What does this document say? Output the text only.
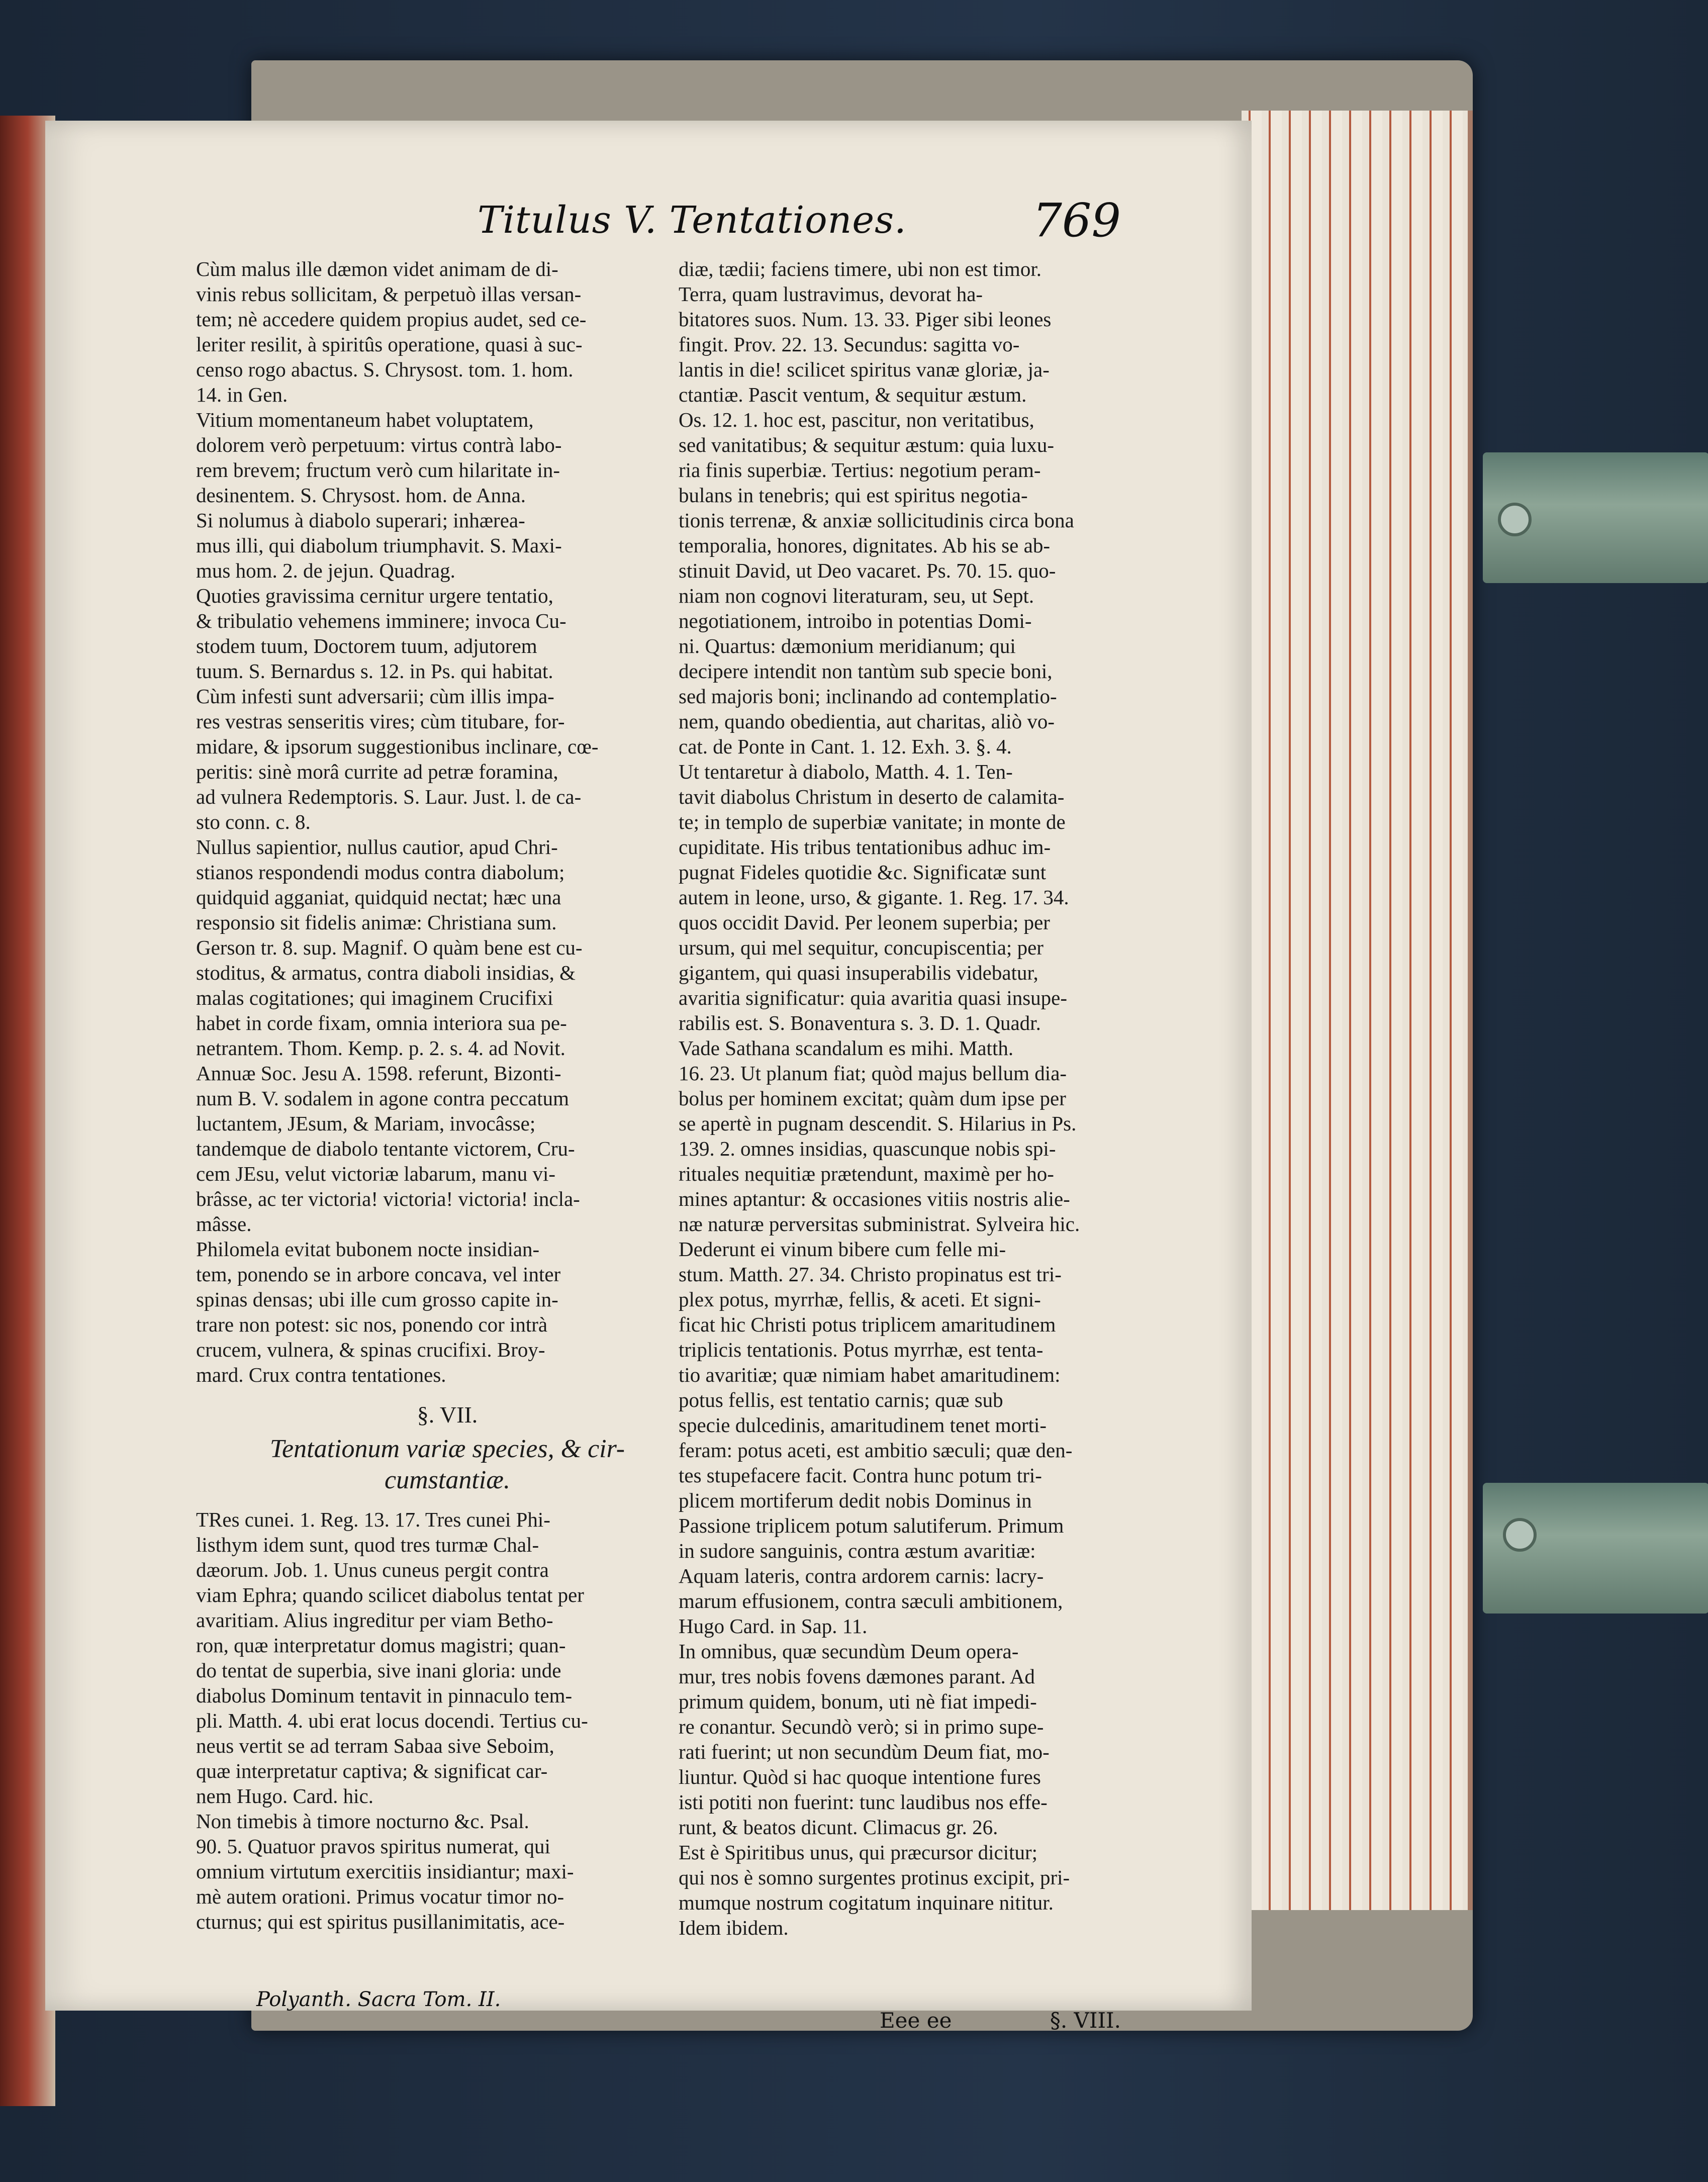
Titulus V. Tentationes.	769

Cùm malus ille dæmon videt animam de di-

vinis rebus sollicitam, & perpetuò illas versan-

tem; nè accedere quidem propius audet, sed ce-

leriter resilit, à spiritûs operatione, quasi à suc-

censo rogo abactus. S. Chrysost. tom. 1. hom.

14. in Gen.

Vitium momentaneum habet voluptatem,

dolorem verò perpetuum: virtus contrà labo-

rem brevem; fructum verò cum hilaritate in-

desinentem. S. Chrysost. hom. de Anna.

Si nolumus à diabolo superari; inhærea-

mus illi, qui diabolum triumphavit. S. Maxi-

mus hom. 2. de jejun. Quadrag.

Quoties gravissima cernitur urgere tentatio,

& tribulatio vehemens imminere; invoca Cu-

stodem tuum, Doctorem tuum, adjutorem

tuum. S. Bernardus s. 12. in Ps. qui habitat.

Cùm infesti sunt adversarii; cùm illis impa-

res vestras senseritis vires; cùm titubare, for-

midare, & ipsorum suggestionibus inclinare, cœ-

peritis: sinè morâ currite ad petræ foramina,

ad vulnera Redemptoris. S. Laur. Just. l. de ca-

sto conn. c. 8.

Nullus sapientior, nullus cautior, apud Chri-

stianos respondendi modus contra diabolum;

quidquid agganiat, quidquid nectat; hæc una

responsio sit fidelis animæ: Christiana sum.

Gerson tr. 8. sup. Magnif. O quàm bene est cu-

stoditus, & armatus, contra diaboli insidias, &

malas cogitationes; qui imaginem Crucifixi

habet in corde fixam, omnia interiora sua pe-

netrantem. Thom. Kemp. p. 2. s. 4. ad Novit.

Annuæ Soc. Jesu A. 1598. referunt, Bizonti-

num B. V. sodalem in agone contra peccatum

luctantem, JEsum, & Mariam, invocâsse;

tandemque de diabolo tentante victorem, Cru-

cem JEsu, velut victoriæ labarum, manu vi-

brâsse, ac ter victoria! victoria! victoria! incla-

mâsse.

Philomela evitat bubonem nocte insidian-

tem, ponendo se in arbore concava, vel inter

spinas densas; ubi ille cum grosso capite in-

trare non potest: sic nos, ponendo cor intrà

crucem, vulnera, & spinas crucifixi. Broy-

mard. Crux contra tentationes.

§. VII.
Tentationum variæ species, & cir-
cumstantiæ.

TRes cunei. 1. Reg. 13. 17. Tres cunei Phi-

listhym idem sunt, quod tres turmæ Chal-

dæorum. Job. 1. Unus cuneus pergit contra

viam Ephra; quando scilicet diabolus tentat per

avaritiam. Alius ingreditur per viam Betho-

ron, quæ interpretatur domus magistri; quan-

do tentat de superbia, sive inani gloria: unde

diabolus Dominum tentavit in pinnaculo tem-

pli. Matth. 4. ubi erat locus docendi. Tertius cu-

neus vertit se ad terram Sabaa sive Seboim,

quæ interpretatur captiva; & significat car-

nem Hugo. Card. hic.

Non timebis à timore nocturno &c. Psal.

90. 5. Quatuor pravos spiritus numerat, qui

omnium virtutum exercitiis insidiantur; maxi-

mè autem orationi. Primus vocatur timor no-

cturnus; qui est spiritus pusillanimitatis, ace-

diæ, tædii; faciens timere, ubi non est timor.

Terra, quam lustravimus, devorat ha-

bitatores suos. Num. 13. 33. Piger sibi leones

fingit. Prov. 22. 13. Secundus: sagitta vo-

lantis in die! scilicet spiritus vanæ gloriæ, ja-

ctantiæ. Pascit ventum, & sequitur æstum.

Os. 12. 1. hoc est, pascitur, non veritatibus,

sed vanitatibus; & sequitur æstum: quia luxu-

ria finis superbiæ. Tertius: negotium peram-

bulans in tenebris; qui est spiritus negotia-

tionis terrenæ, & anxiæ sollicitudinis circa bona

temporalia, honores, dignitates. Ab his se ab-

stinuit David, ut Deo vacaret. Ps. 70. 15. quo-

niam non cognovi literaturam, seu, ut Sept.

negotiationem, introibo in potentias Domi-

ni. Quartus: dæmonium meridianum; qui

decipere intendit non tantùm sub specie boni,

sed majoris boni; inclinando ad contemplatio-

nem, quando obedientia, aut charitas, aliò vo-

cat. de Ponte in Cant. 1. 12. Exh. 3. §. 4.

Ut tentaretur à diabolo, Matth. 4. 1. Ten-

tavit diabolus Christum in deserto de calamita-

te; in templo de superbiæ vanitate; in monte de

cupiditate. His tribus tentationibus adhuc im-

pugnat Fideles quotidie &c. Significatæ sunt

autem in leone, urso, & gigante. 1. Reg. 17. 34.

quos occidit David. Per leonem superbia; per

ursum, qui mel sequitur, concupiscentia; per

gigantem, qui quasi insuperabilis videbatur,

avaritia significatur: quia avaritia quasi insupe-

rabilis est. S. Bonaventura s. 3. D. 1. Quadr.

Vade Sathana scandalum es mihi. Matth.

16. 23. Ut planum fiat; quòd majus bellum dia-

bolus per hominem excitat; quàm dum ipse per

se apertè in pugnam descendit. S. Hilarius in Ps.

139. 2. omnes insidias, quascunque nobis spi-

rituales nequitiæ prætendunt, maximè per ho-

mines aptantur: & occasiones vitiis nostris alie-

næ naturæ perversitas subministrat. Sylveira hic.

Dederunt ei vinum bibere cum felle mi-

stum. Matth. 27. 34. Christo propinatus est tri-

plex potus, myrrhæ, fellis, & aceti. Et signi-

ficat hic Christi potus triplicem amaritudinem

triplicis tentationis. Potus myrrhæ, est tenta-

tio avaritiæ; quæ nimiam habet amaritudinem:

potus fellis, est tentatio carnis; quæ sub

specie dulcedinis, amaritudinem tenet morti-

feram: potus aceti, est ambitio sæculi; quæ den-

tes stupefacere facit. Contra hunc potum tri-

plicem mortiferum dedit nobis Dominus in

Passione triplicem potum salutiferum. Primum

in sudore sanguinis, contra æstum avaritiæ:

Aquam lateris, contra ardorem carnis: lacry-

marum effusionem, contra sæculi ambitionem,

Hugo Card. in Sap. 11.

In omnibus, quæ secundùm Deum opera-

mur, tres nobis fovens dæmones parant. Ad

primum quidem, bonum, uti nè fiat impedi-

re conantur. Secundò verò; si in primo supe-

rati fuerint; ut non secundùm Deum fiat, mo-

liuntur. Quòd si hac quoque intentione fures

isti potiti non fuerint: tunc laudibus nos effe-

runt, & beatos dicunt. Climacus gr. 26.

Est è Spiritibus unus, qui præcursor dicitur;

qui nos è somno surgentes protinus excipit, pri-

mumque nostrum cogitatum inquinare nititur.

Idem ibidem.

Polyanth. Sacra Tom. II.
Eee ee	§. VIII.
